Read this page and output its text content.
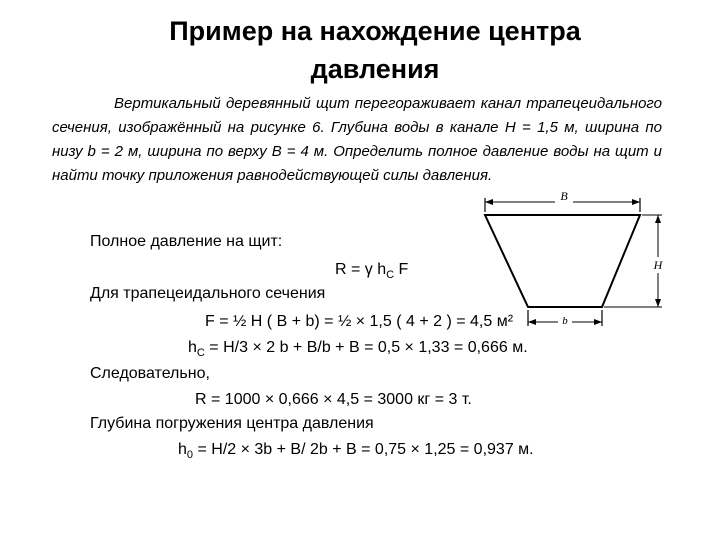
Пример на нахождение центра
давления
Вертикальный деревянный щит перегораживает канал трапецеидального сечения, изображённый на рисунке 6. Глубина воды в канале H = 1,5 м, ширина по низу b = 2 м, ширина по верху B = 4 м. Определить полное давление воды на щит и найти точку приложения равнодействующей силы давления.
Полное давление на щит:
R = γ $h_C$ F
Для трапецеидального сечения
F = ½ H ( B + b) = ½ × 1,5 ( 4 + 2 ) = 4,5 м²
$h_C = H/3 \times 2$ b + B/b + B = 0,5 × 1,33 = 0,666 м.
Следовательно,
R = 1000 × 0,666 × 4,5 = 3000 кг = 3 т.
Глубина погружения центра давления
$h_0 = H/2 \times 3b + B/$ 2b + B = 0,75 × 1,25 = 0,937 м.
B
H
b
